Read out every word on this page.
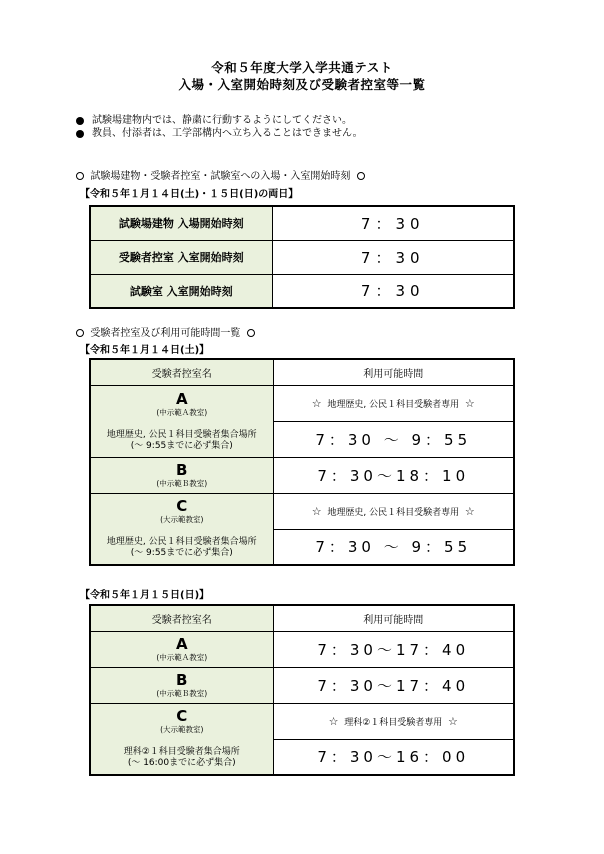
令和５年度大学入学共通テスト
入場・入室開始時刻及び受験者控室等一覧
試験場建物内では、静粛に行動するようにしてください。
教員、付添者は、工学部構内へ立ち入ることはできません。
試験場建物・受験者控室・試験室への入場・入室開始時刻
【令和５年１月１４日(土)・１５日(日)の両日】
試験場建物 入場開始時刻	7：30
受験者控室 入室開始時刻	7：30
試験室 入室開始時刻	7：30
受験者控室及び利用可能時間一覧
【令和５年１月１４日(土)】
受験者控室名	利用可能時間

A
(中示範Ａ教室)
地理歴史, 公民１科目受験者集合場所
(～ 9:55までに必ず集合)	☆ 地理歴史, 公民１科目受験者専用 ☆
	7：30 ～ 9：55

B
(中示範Ｂ教室)	7：30～18：10

C
(大示範教室)
地理歴史, 公民１科目受験者集合場所
(～ 9:55までに必ず集合)	☆ 地理歴史, 公民１科目受験者専用 ☆
	7：30 ～ 9：55
【令和５年１月１５日(日)】
受験者控室名	利用可能時間

A
(中示範Ａ教室)	7：30～17：40

B
(中示範Ｂ教室)	7：30～17：40

C
(大示範教室)
理科②１科目受験者集合場所
(～ 16:00までに必ず集合)	☆ 理科②１科目受験者専用 ☆
	7：30～16：00
